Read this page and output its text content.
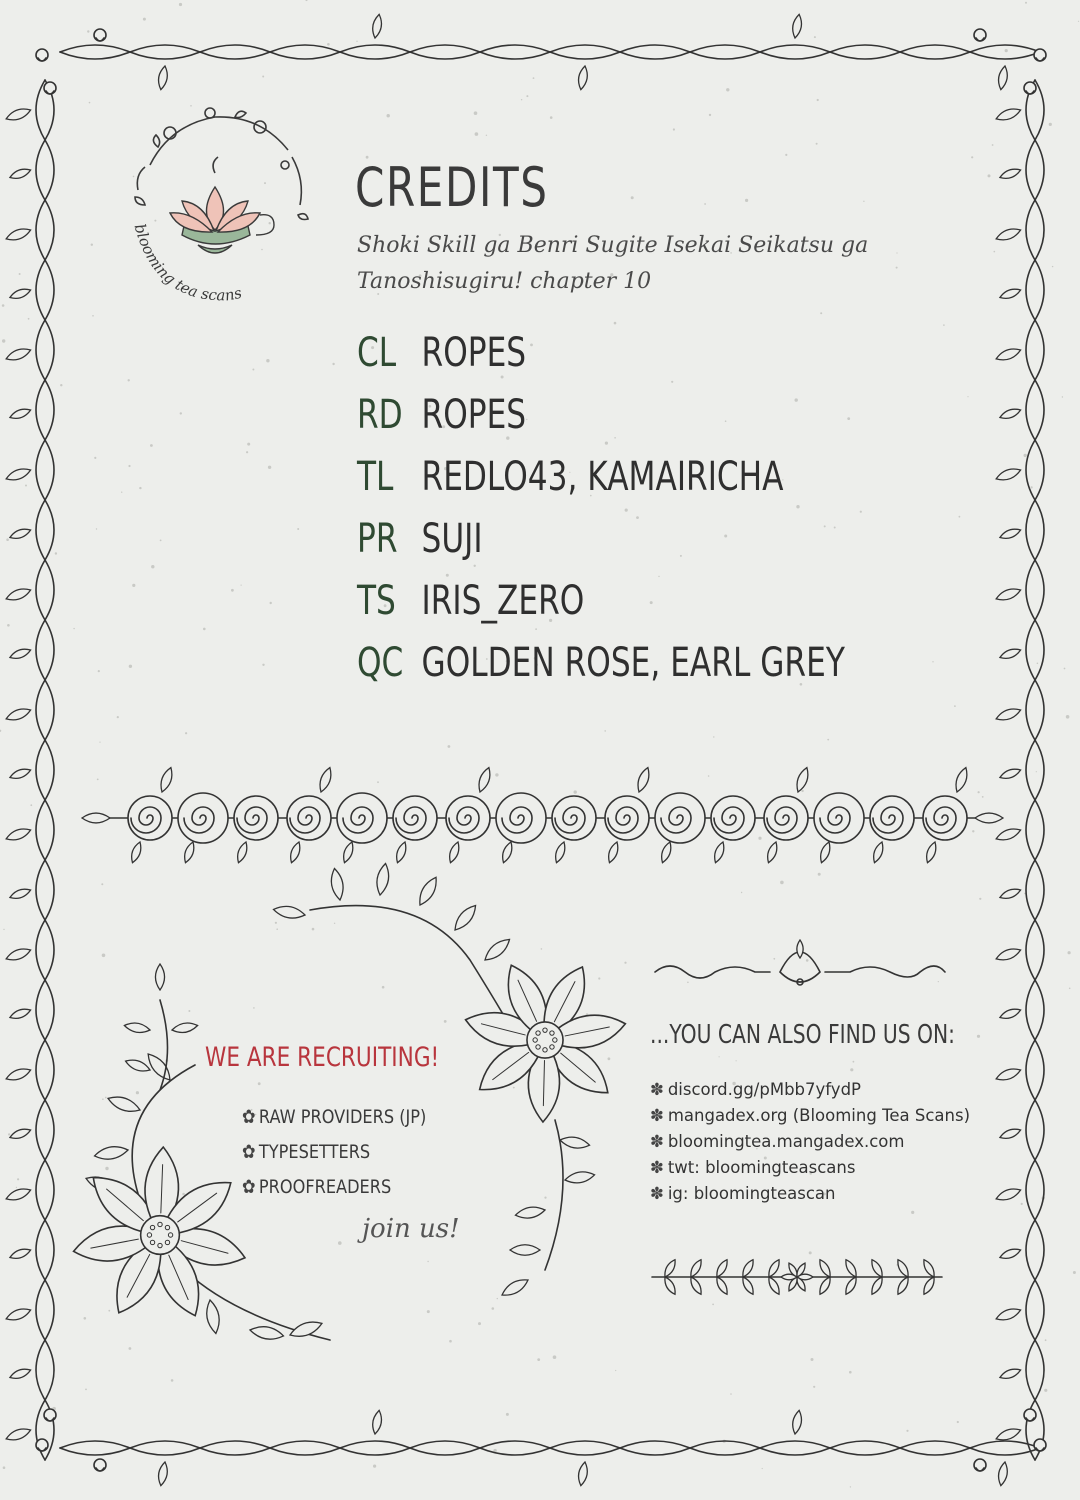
blooming tea scans
CREDITS
Shoki Skill ga Benri Sugite Isekai Seikatsu ga Tanoshisugiru! chapter 10
CL ROPES
RD ROPES
TL REDLO43, KAMAIRICHA
PR SUJI
TS IRIS_ZERO
QC GOLDEN ROSE, EARL GREY
WE ARE RECRUITING!
✿ RAW PROVIDERS (JP)
✿ TYPESETTERS
✿ PROOFREADERS
join us!
...YOU CAN ALSO FIND US ON:
✽ discord.gg/pMbb7yfydP
✽ mangadex.org (Blooming Tea Scans)
✽ bloomingtea.mangadex.com
✽ twt: bloomingteascans
✽ ig: bloomingteascan
